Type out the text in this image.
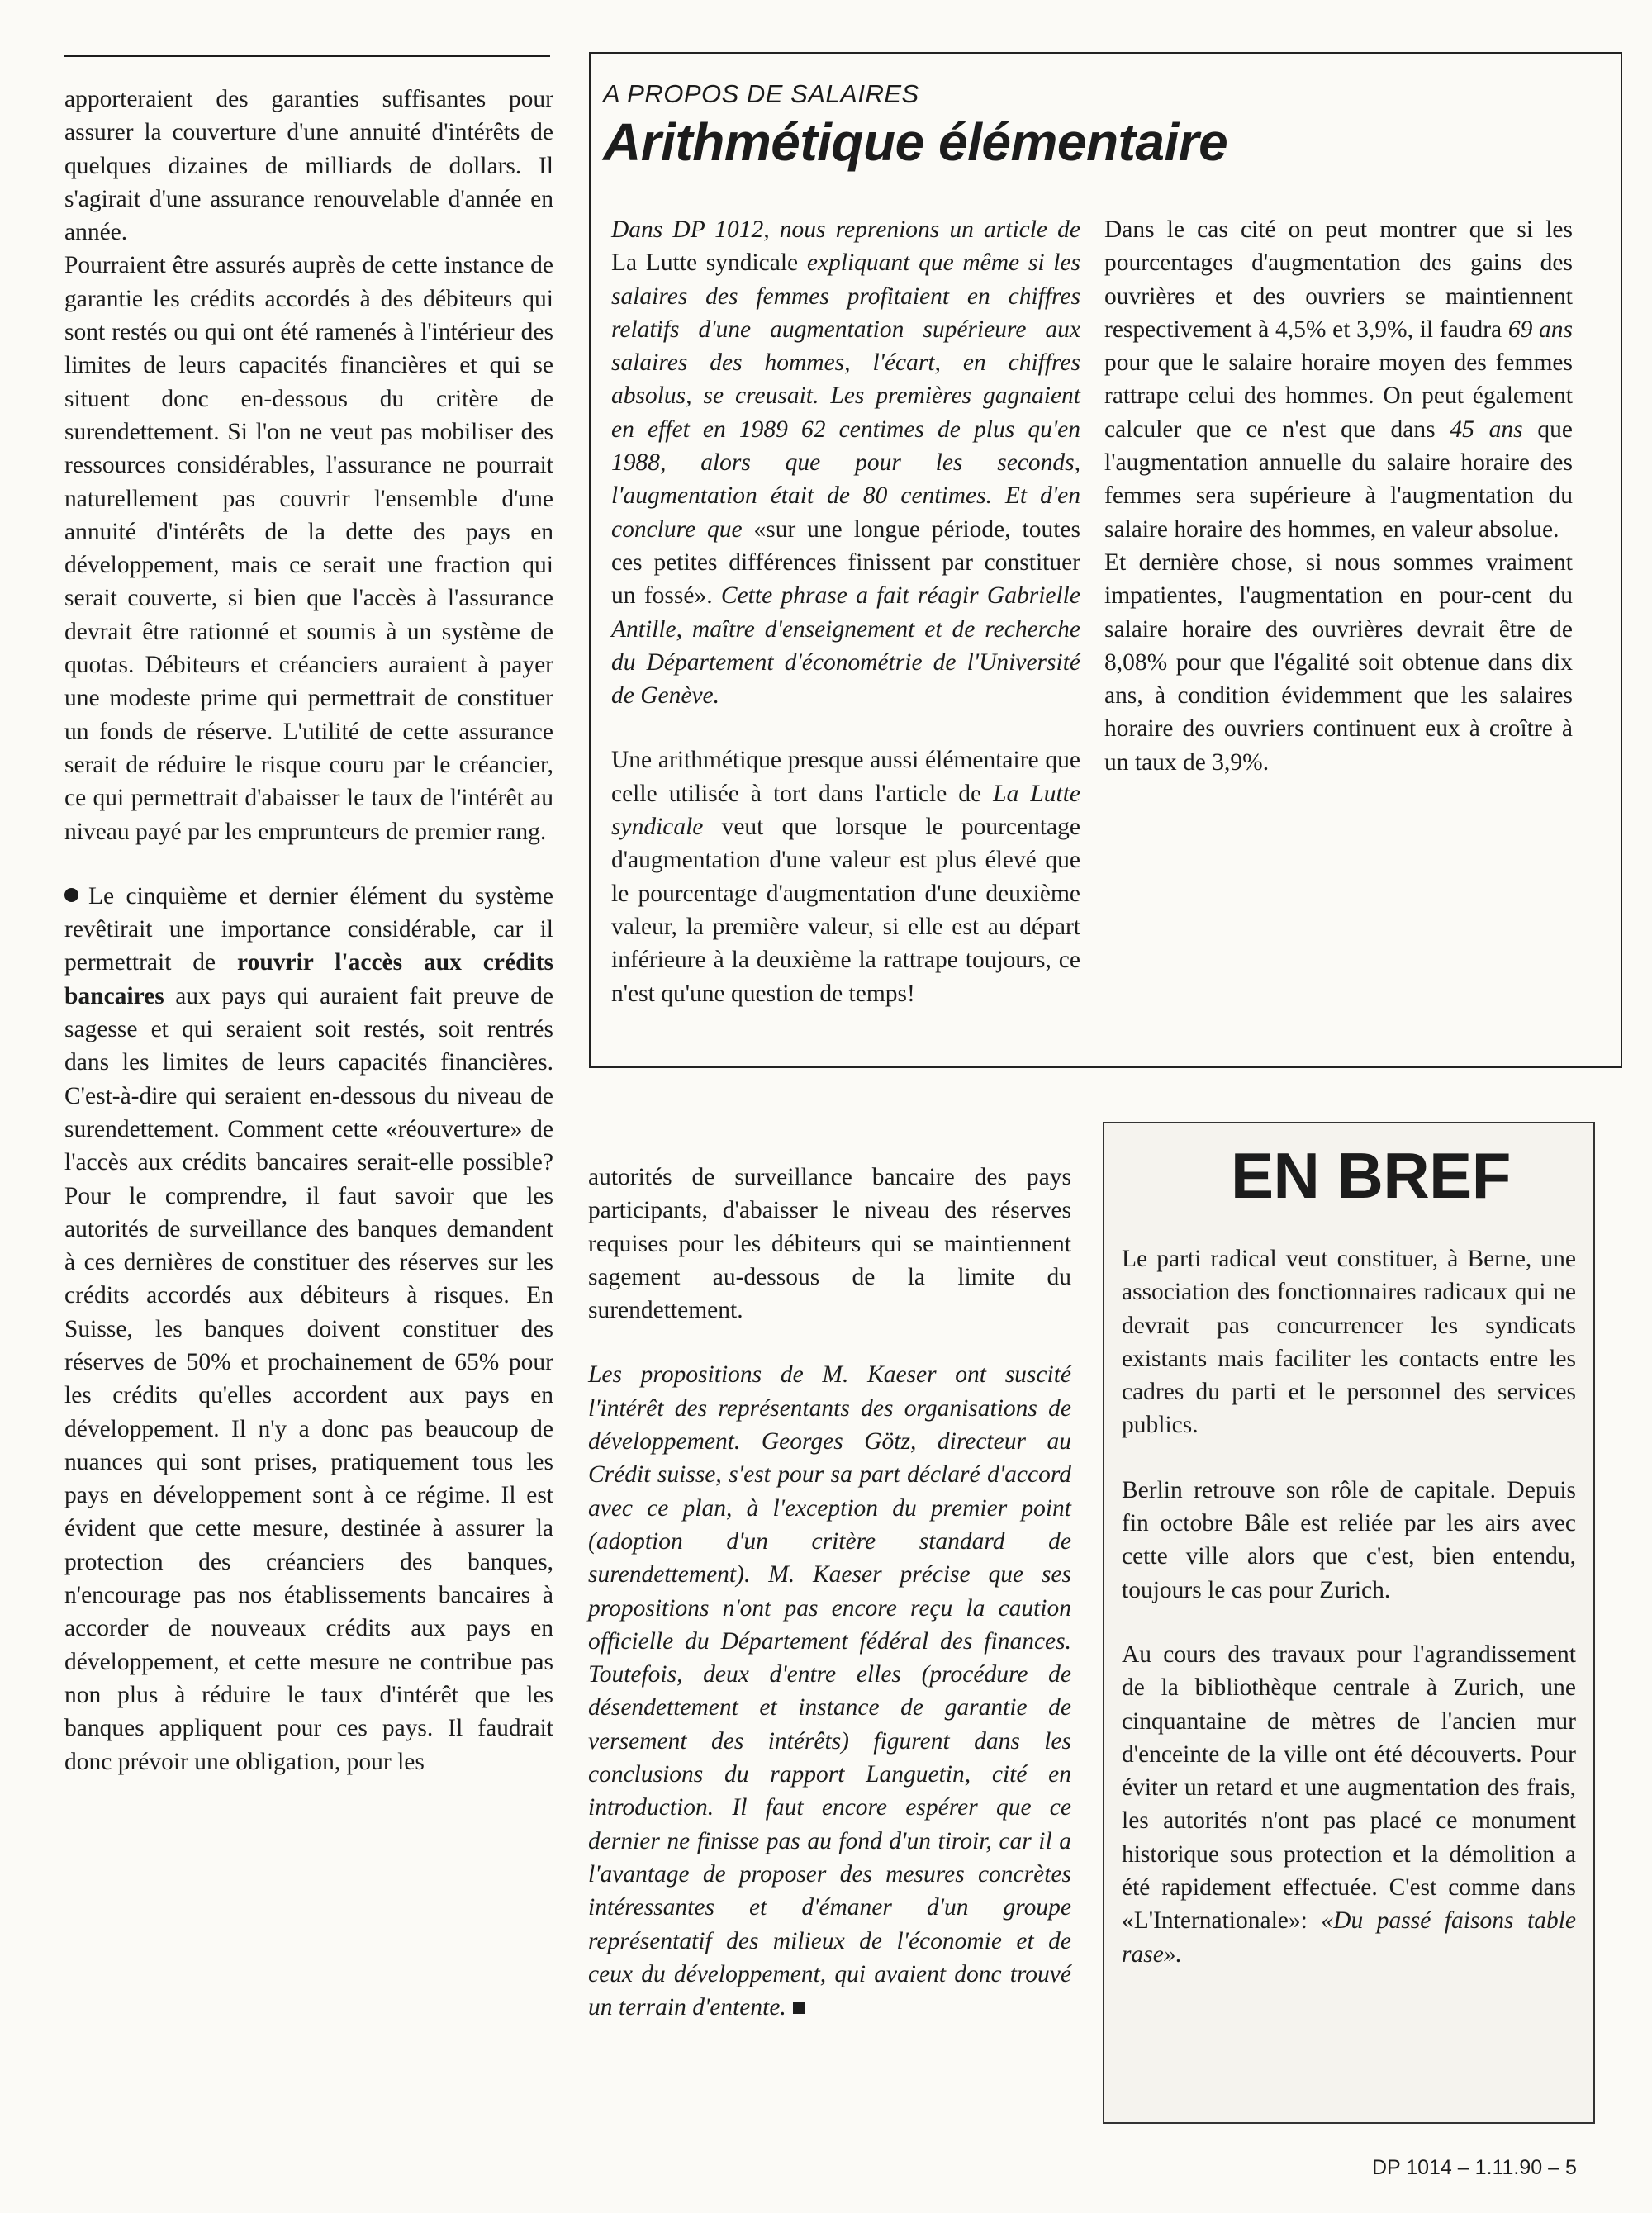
apporteraient des garanties suffisantes pour assurer la couverture d'une annuité d'intérêts de quelques dizaines de milliards de dollars. Il s'agirait d'une assurance renouvelable d'année en année.

Pourraient être assurés auprès de cette instance de garantie les crédits accordés à des débiteurs qui sont restés ou qui ont été ramenés à l'intérieur des limites de leurs capacités financières et qui se situent donc en-dessous du critère de surendettement. Si l'on ne veut pas mobiliser des ressources considérables, l'assurance ne pourrait naturellement pas couvrir l'ensemble d'une annuité d'intérêts de la dette des pays en développement, mais ce serait une fraction qui serait couverte, si bien que l'accès à l'assurance devrait être rationné et soumis à un système de quotas. Débiteurs et créanciers auraient à payer une modeste prime qui permettrait de constituer un fonds de réserve. L'utilité de cette assurance serait de réduire le risque couru par le créancier, ce qui permettrait d'abaisser le taux de l'intérêt au niveau payé par les emprunteurs de premier rang.

Le cinquième et dernier élément du système revêtirait une importance considérable, car il permettrait de rouvrir l'accès aux crédits bancaires aux pays qui auraient fait preuve de sagesse et qui seraient soit restés, soit rentrés dans les limites de leurs capacités financières. C'est-à-dire qui seraient en-dessous du niveau de surendettement. Comment cette «réouverture» de l'accès aux crédits bancaires serait-elle possible? Pour le comprendre, il faut savoir que les autorités de surveillance des banques demandent à ces dernières de constituer des réserves sur les crédits accordés aux débiteurs à risques. En Suisse, les banques doivent constituer des réserves de 50% et prochainement de 65% pour les crédits qu'elles accordent aux pays en développement. Il n'y a donc pas beaucoup de nuances qui sont prises, pratiquement tous les pays en développement sont à ce régime. Il est évident que cette mesure, destinée à assurer la protection des créanciers des banques, n'encourage pas nos établissements bancaires à accorder de nouveaux crédits aux pays en développement, et cette mesure ne contribue pas non plus à réduire le taux d'intérêt que les banques appliquent pour ces pays. Il faudrait donc prévoir une obligation, pour les

A PROPOS DE SALAIRES
Arithmétique élémentaire

Dans DP 1012, nous reprenions un article de La Lutte syndicale expliquant que même si les salaires des femmes profitaient en chiffres relatifs d'une augmentation supérieure aux salaires des hommes, l'écart, en chiffres absolus, se creusait. Les premières gagnaient en effet en 1989 62 centimes de plus qu'en 1988, alors que pour les seconds, l'augmentation était de 80 centimes. Et d'en conclure que «sur une longue période, toutes ces petites différences finissent par constituer un fossé». Cette phrase a fait réagir Gabrielle Antille, maître d'enseignement et de recherche du Département d'économétrie de l'Université de Genève.

Une arithmétique presque aussi élémentaire que celle utilisée à tort dans l'article de La Lutte syndicale veut que lorsque le pourcentage d'augmentation d'une valeur est plus élevé que le pourcentage d'augmentation d'une deuxième valeur, la première valeur, si elle est au départ inférieure à la deuxième la rattrape toujours, ce n'est qu'une question de temps!

Dans le cas cité on peut montrer que si les pourcentages d'augmentation des gains des ouvrières et des ouvriers se maintiennent respectivement à 4,5% et 3,9%, il faudra 69 ans pour que le salaire horaire moyen des femmes rattrape celui des hommes. On peut également calculer que ce n'est que dans 45 ans que l'augmentation annuelle du salaire horaire des femmes sera supérieure à l'augmentation du salaire horaire des hommes, en valeur absolue.

Et dernière chose, si nous sommes vraiment impatientes, l'augmentation en pour-cent du salaire horaire des ouvrières devrait être de 8,08% pour que l'égalité soit obtenue dans dix ans, à condition évidemment que les salaires horaire des ouvriers continuent eux à croître à un taux de 3,9%.

autorités de surveillance bancaire des pays participants, d'abaisser le niveau des réserves requises pour les débiteurs qui se maintiennent sagement au-dessous de la limite du surendettement.

Les propositions de M. Kaeser ont suscité l'intérêt des représentants des organisations de développement. Georges Götz, directeur au Crédit suisse, s'est pour sa part déclaré d'accord avec ce plan, à l'exception du premier point (adoption d'un critère standard de surendettement). M. Kaeser précise que ses propositions n'ont pas encore reçu la caution officielle du Département fédéral des finances. Toutefois, deux d'entre elles (procédure de désendettement et instance de garantie de versement des intérêts) figurent dans les conclusions du rapport Languetin, cité en introduction. Il faut encore espérer que ce dernier ne finisse pas au fond d'un tiroir, car il a l'avantage de proposer des mesures concrètes intéressantes et d'émaner d'un groupe représentatif des milieux de l'économie et de ceux du développement, qui avaient donc trouvé un terrain d'entente.

EN BREF

Le parti radical veut constituer, à Berne, une association des fonctionnaires radicaux qui ne devrait pas concurrencer les syndicats existants mais faciliter les contacts entre les cadres du parti et le personnel des services publics.

Berlin retrouve son rôle de capitale. Depuis fin octobre Bâle est reliée par les airs avec cette ville alors que c'est, bien entendu, toujours le cas pour Zurich.

Au cours des travaux pour l'agrandissement de la bibliothèque centrale à Zurich, une cinquantaine de mètres de l'ancien mur d'enceinte de la ville ont été découverts. Pour éviter un retard et une augmentation des frais, les autorités n'ont pas placé ce monument historique sous protection et la démolition a été rapidement effectuée. C'est comme dans «L'Internationale»: «Du passé faisons table rase».

DP 1014 – 1.11.90 – 5
